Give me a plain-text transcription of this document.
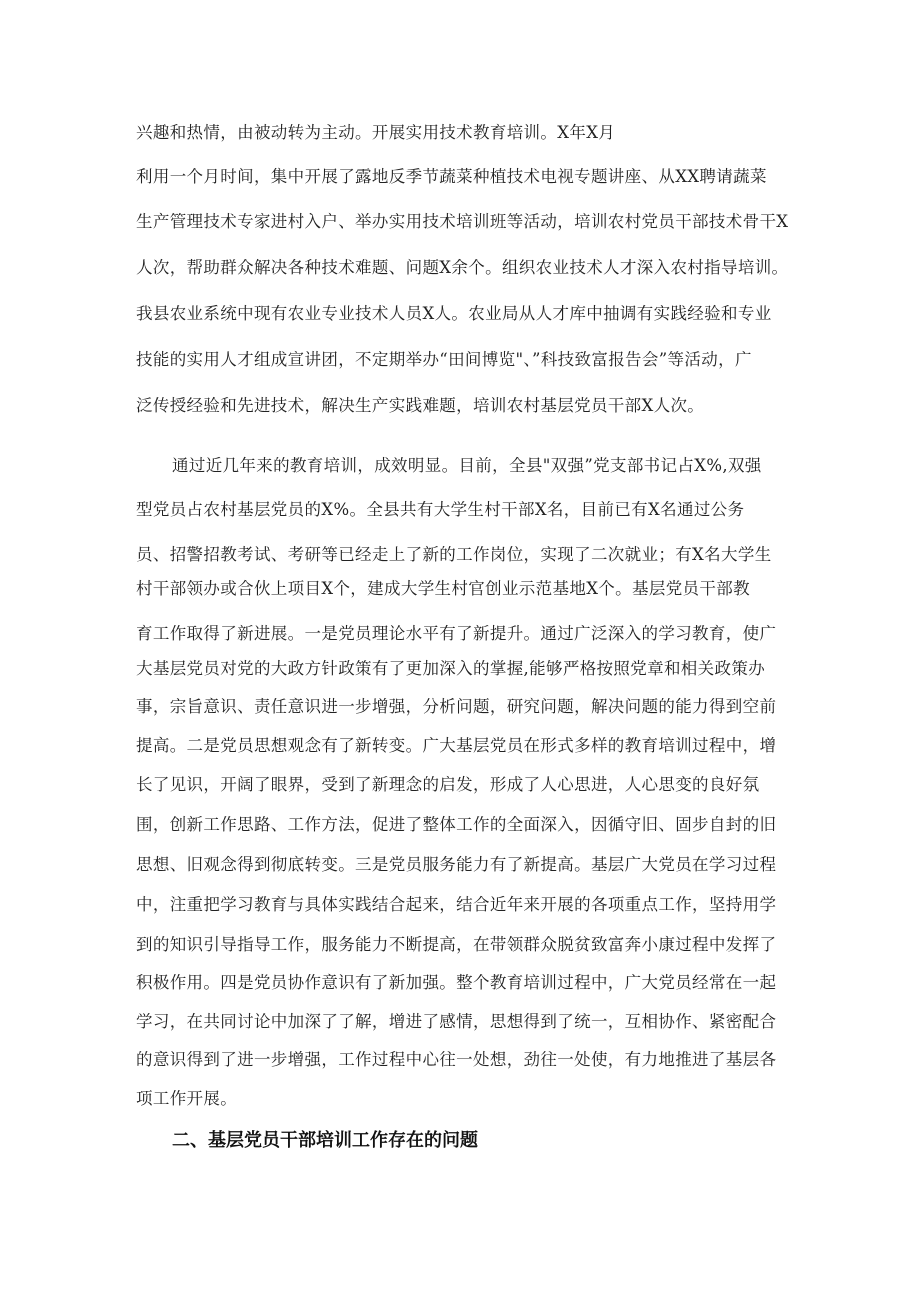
兴趣和热情，由被动转为主动。开展实用技术教育培训。X年X月
利用一个月时间，集中开展了露地反季节蔬菜种植技术电视专题讲座、从XX聘请蔬菜
生产管理技术专家进村入户、举办实用技术培训班等活动，培训农村党员干部技术骨干X
人次，帮助群众解决各种技术难题、问题X余个。组织农业技术人才深入农村指导培训。
我县农业系统中现有农业专业技术人员X人。农业局从人才库中抽调有实践经验和专业
技能的实用人才组成宣讲团，不定期举办“田间博览"、”科技致富报告会”等活动，广
泛传授经验和先进技术，解决生产实践难题，培训农村基层党员干部X人次。
通过近几年来的教育培训，成效明显。目前，全县"双强”党支部书记占X%,双强
型党员占农村基层党员的X%。全县共有大学生村干部X名，目前已有X名通过公务
员、招警招教考试、考研等已经走上了新的工作岗位，实现了二次就业；有X名大学生
村干部领办或合伙上项目X个，建成大学生村官创业示范基地X个。基层党员干部教
育工作取得了新进展。一是党员理论水平有了新提升。通过广泛深入的学习教育，使广
大基层党员对党的大政方针政策有了更加深入的掌握,能够严格按照党章和相关政策办
事，宗旨意识、责任意识进一步增强，分析问题，研究问题，解决问题的能力得到空前
提高。二是党员思想观念有了新转变。广大基层党员在形式多样的教育培训过程中，增
长了见识，开阔了眼界，受到了新理念的启发，形成了人心思进，人心思变的良好氛
围，创新工作思路、工作方法，促进了整体工作的全面深入，因循守旧、固步自封的旧
思想、旧观念得到彻底转变。三是党员服务能力有了新提高。基层广大党员在学习过程
中，注重把学习教育与具体实践结合起来，结合近年来开展的各项重点工作，坚持用学
到的知识引导指导工作，服务能力不断提高，在带领群众脱贫致富奔小康过程中发挥了
积极作用。四是党员协作意识有了新加强。整个教育培训过程中，广大党员经常在一起
学习，在共同讨论中加深了了解，增进了感情，思想得到了统一，互相协作、紧密配合
的意识得到了进一步增强，工作过程中心往一处想，劲往一处使，有力地推进了基层各
项工作开展。
二、基层党员干部培训工作存在的问题
